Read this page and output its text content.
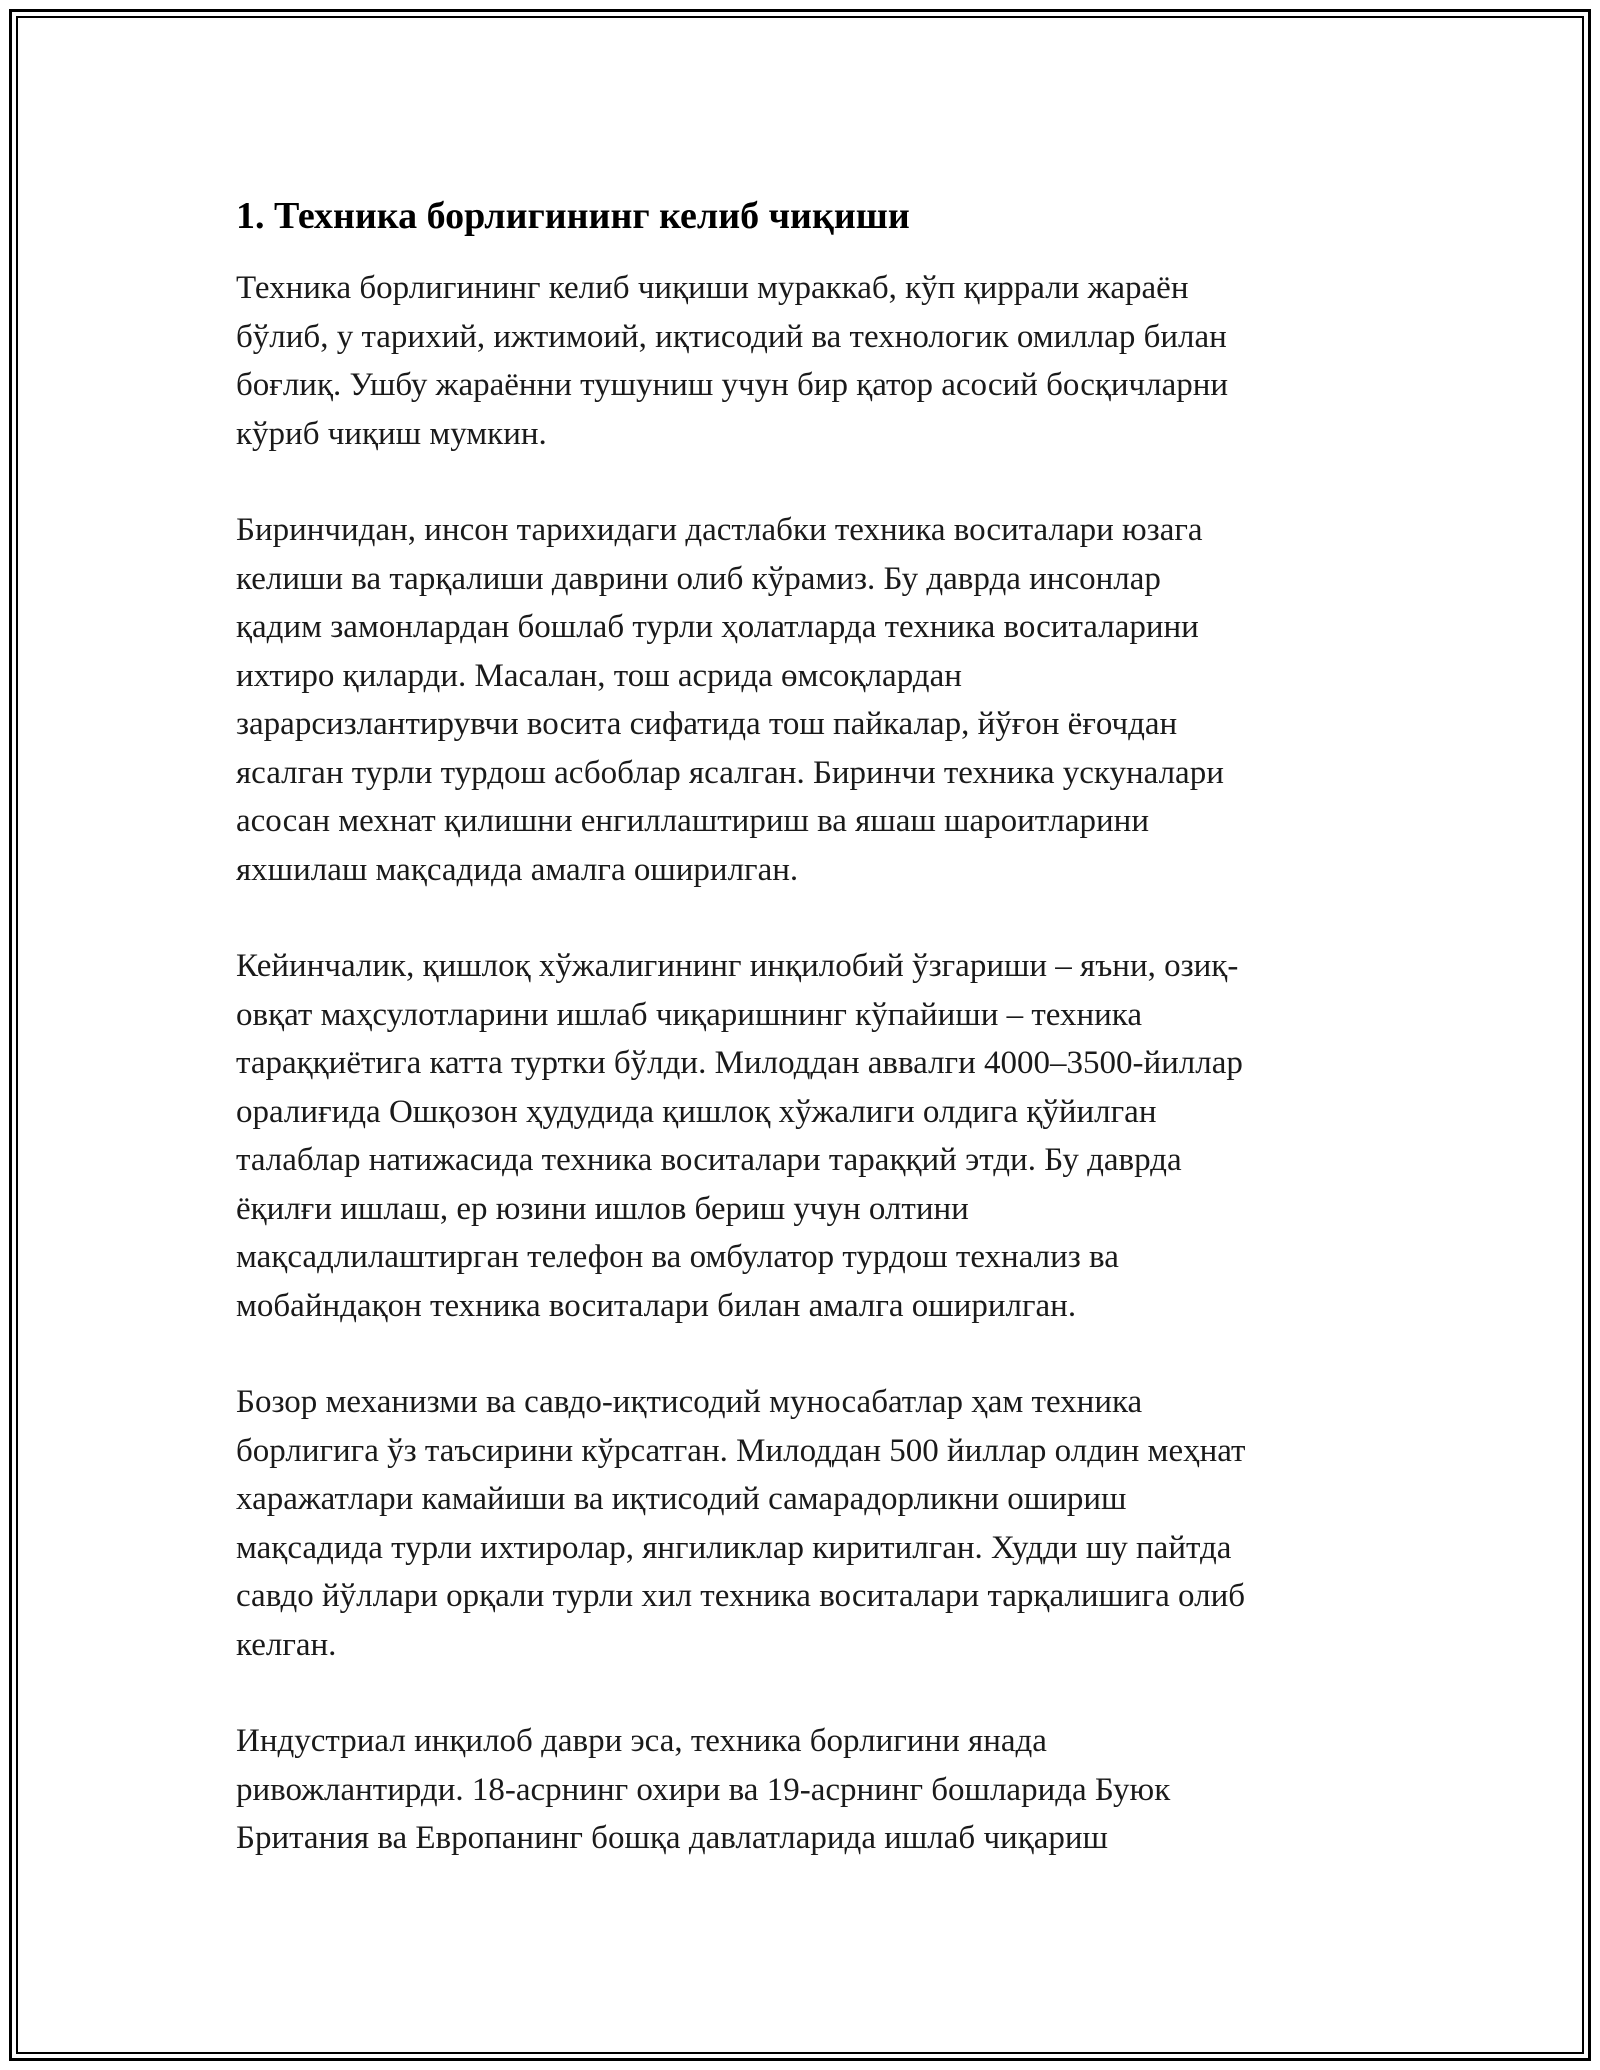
1. Техника борлигининг келиб чиқиши

Техника борлигининг келиб чиқиши мураккаб, кўп қиррали жараён
бўлиб, у тарихий, ижтимоий, иқтисодий ва технологик омиллар билан
боғлиқ. Ушбу жараённи тушуниш учун бир қатор асосий босқичларни
кўриб чиқиш мумкин.

Биринчидан, инсон тарихидаги дастлабки техника воситалари юзага
келиши ва тарқалиши даврини олиб кўрамиз. Бу даврда инсонлар
қадим замонлардан бошлаб турли ҳолатларда техника воситаларини
ихтиро қиларди. Масалан, тош асрида өмсоқлардан
зарарсизлантирувчи восита сифатида тош пайкалар, йўғон ёғочдан
ясалган турли турдош асбоблар ясалган. Биринчи техника ускуналари
асосан мехнат қилишни енгиллаштириш ва яшаш шароитларини
яхшилаш мақсадида амалга оширилган.

Кейинчалик, қишлоқ хўжалигининг инқилобий ўзгариши – яъни, озиқ-
овқат маҳсулотларини ишлаб чиқаришнинг кўпайиши – техника
тараққиётига катта туртки бўлди. Милоддан аввалги 4000–3500-йиллар
оралиғида Ошқозон ҳудудида қишлоқ хўжалиги олдига қўйилган
талаблар натижасида техника воситалари тараққий этди. Бу даврда
ёқилғи ишлаш, ер юзини ишлов бериш учун олтини
мақсадлилаштирган телефон ва омбулатор турдош технализ ва
мобайндақон техника воситалари билан амалга оширилган.

Бозор механизми ва савдо-иқтисодий муносабатлар ҳам техника
борлигига ўз таъсирини кўрсатган. Милоддан 500 йиллар олдин меҳнат
харажатлари камайиши ва иқтисодий самарадорликни ошириш
мақсадида турли ихтиролар, янгиликлар киритилган. Худди шу пайтда
савдо йўллари орқали турли хил техника воситалари тарқалишига олиб
келган.

Индустриал инқилоб даври эса, техника борлигини янада
ривожлантирди. 18-асрнинг охири ва 19-асрнинг бошларида Буюк
Британия ва Европанинг бошқа давлатларида ишлаб чиқариш
